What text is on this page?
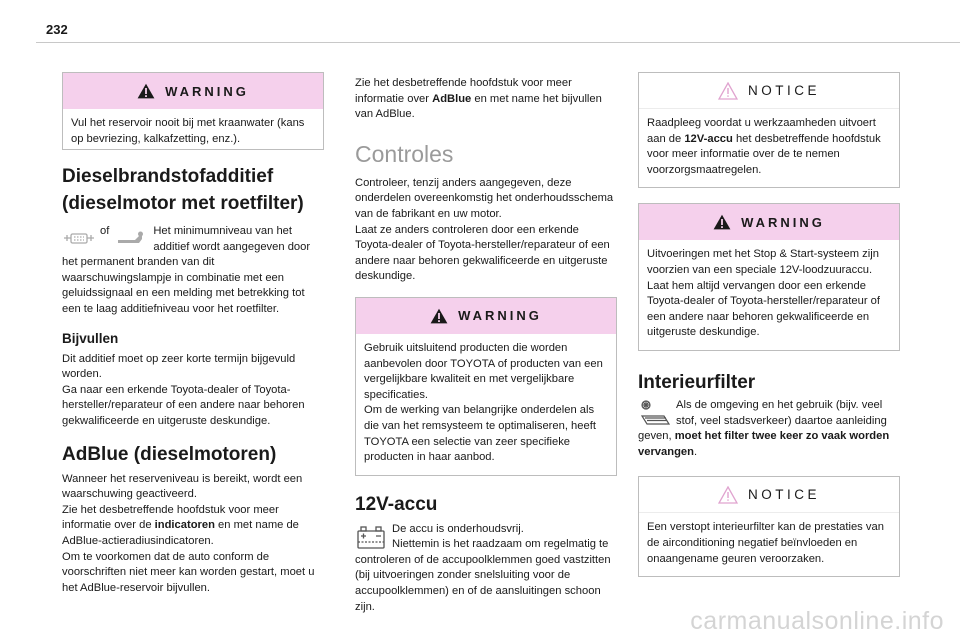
232
WARNING
Vul het reservoir nooit bij met kraanwater (kans op bevriezing, kalkafzetting, enz.).
Dieselbrandstofadditief
(dieselmotor met roetfilter)
of	Het minimumniveau van het
additief wordt aangegeven door
het permanent branden van dit waarschuwingslampje in combinatie met een geluidssignaal en een melding met betrekking tot een te laag additiefniveau voor het roetfilter.
Bijvullen
Dit additief moet op zeer korte termijn bijgevuld worden.
Ga naar een erkende Toyota-dealer of Toyota-hersteller/reparateur of een andere naar behoren gekwalificeerde en uitgeruste deskundige.
AdBlue (dieselmotoren)
Wanneer het reserveniveau is bereikt, wordt een waarschuwing geactiveerd.
Zie het desbetreffende hoofdstuk voor meer informatie over de indicatoren en met name de AdBlue-actieradiusindicatoren.
Om te voorkomen dat de auto conform de voorschriften niet meer kan worden gestart, moet u het AdBlue-reservoir bijvullen.
Zie het desbetreffende hoofdstuk voor meer informatie over AdBlue en met name het bijvullen van AdBlue.
Controles
Controleer, tenzij anders aangegeven, deze onderdelen overeenkomstig het onderhoudsschema van de fabrikant en uw motor.
Laat ze anders controleren door een erkende Toyota-dealer of Toyota-hersteller/reparateur of een andere naar behoren gekwalificeerde en uitgeruste deskundige.
WARNING
Gebruik uitsluitend producten die worden aanbevolen door TOYOTA of producten van een vergelijkbare kwaliteit en met vergelijkbare specificaties.
Om de werking van belangrijke onderdelen als die van het remsysteem te optimaliseren, heeft TOYOTA een selectie van zeer specifieke producten in haar aanbod.
12V-accu
De accu is onderhoudsvrij.
Niettemin is het raadzaam om regelmatig te
controleren of de accupoolklemmen goed vastzitten (bij uitvoeringen zonder snelsluiting voor de accupoolklemmen) en of de aansluitingen schoon zijn.
NOTICE
Raadpleeg voordat u werkzaamheden uitvoert aan de 12V-accu het desbetreffende hoofdstuk voor meer informatie over de te nemen voorzorgsmaatregelen.
WARNING
Uitvoeringen met het Stop & Start-systeem zijn voorzien van een speciale 12V-loodzuuraccu.
Laat hem altijd vervangen door een erkende Toyota-dealer of Toyota-hersteller/reparateur of een andere naar behoren gekwalificeerde en uitgeruste deskundige.
Interieurfilter
Als de omgeving en het gebruik (bijv. veel
stof, veel stadsverkeer) daartoe aanleiding
geven, moet het filter twee keer zo vaak worden vervangen.
NOTICE
Een verstopt interieurfilter kan de prestaties van de airconditioning negatief beïnvloeden en onaangename geuren veroorzaken.
carmanualsonline.info
